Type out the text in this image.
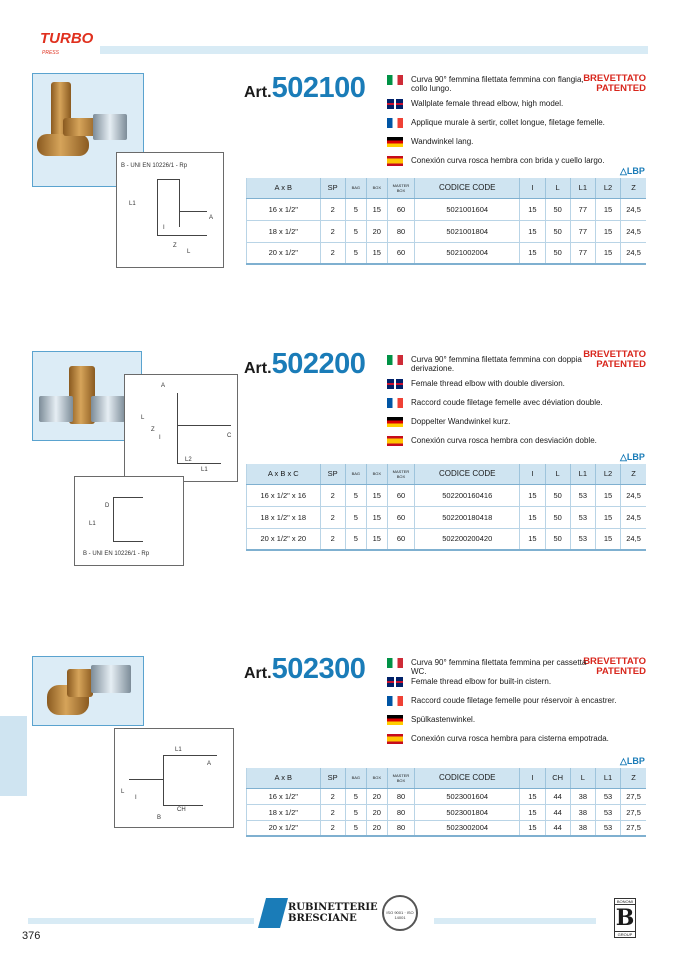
TURBO
PRESS
B - UNI EN 10226/1 - Rp
L1
A
Z
L
I
Art. 502100	BREVETTATO
PATENTED
Curva 90° femmina filettata femmina con flangia, collo lungo.
Wallplate female thread elbow, high model.
Applique murale à sertir, collet longue, filetage femelle.
Wandwinkel lang.
Conexión curva rosca hembra con brida y cuello largo.
△LBP
A x B	SP	BAG	BOX	MASTER BOX	CODICE CODE	I	L	L1	L2	Z
16 x 1/2"	2	5	15	60	5021001604	15	50	77	15	24,5
18 x 1/2"	2	5	20	80	5021001804	15	50	77	15	24,5
20 x 1/2"	2	5	15	60	5021002004	15	50	77	15	24,5
A
C
L
Z
I
L2
L1
D
L1
B - UNI EN 10226/1 - Rp
Art. 502200	BREVETTATO
PATENTED
Curva 90° femmina filettata femmina con doppia derivazione.
Female thread elbow with double diversion.
Raccord coude filetage femelle avec déviation double.
Doppelter Wandwinkel kurz.
Conexión curva rosca hembra con desviación doble.
△LBP
A x B x C	SP	BAG	BOX	MASTER BOX	CODICE CODE	I	L	L1	L2	Z
16 x 1/2" x 16	2	5	15	60	502200160416	15	50	53	15	24,5
18 x 1/2" x 18	2	5	15	60	502200180418	15	50	53	15	24,5
20 x 1/2" x 20	2	5	15	60	502200200420	15	50	53	15	24,5
L1
A
L
I
B
CH
Art. 502300	BREVETTATO
PATENTED
Curva 90° femmina filettata femmina per cassetta WC.
Female thread elbow for built-in cistern.
Raccord coude filetage femelle pour réservoir à encastrer.
Spülkastenwinkel.
Conexión curva rosca hembra para cisterna empotrada.
△LBP
A x B	SP	BAG	BOX	MASTER BOX	CODICE CODE	I	CH	L	L1	Z
16 x 1/2"	2	5	20	80	5023001604	15	44	38	53	27,5
18 x 1/2"	2	5	20	80	5023001804	15	44	38	53	27,5
20 x 1/2"	2	5	20	80	5023002004	15	44	38	53	27,5
RUBINETTERIE
BRESCIANE
ISO 9001 · ISO 14001
BONOMI
B
GROUP
376
